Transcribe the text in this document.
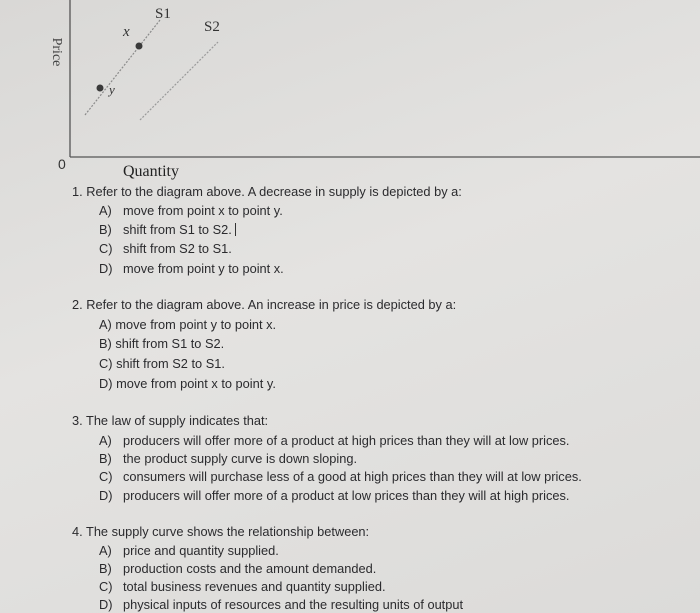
Price
0	Quantity
S1
S2
x
y
1. Refer to the diagram above. A decrease in supply is depicted by a:
A) move from point x to point y.
B) shift from S1 to S2.
C) shift from S2 to S1.
D) move from point y to point x.
2. Refer to the diagram above. An increase in price is depicted by a:
A) move from point y to point x.
B) shift from S1 to S2.
C) shift from S2 to S1.
D) move from point x to point y.
3. The law of supply indicates that:
A) producers will offer more of a product at high prices than they will at low prices.
B) the product supply curve is down sloping.
C) consumers will purchase less of a good at high prices than they will at low prices.
D) producers will offer more of a product at low prices than they will at high prices.
4. The supply curve shows the relationship between:
A) price and quantity supplied.
B) production costs and the amount demanded.
C) total business revenues and quantity supplied.
D) physical inputs of resources and the resulting units of output
